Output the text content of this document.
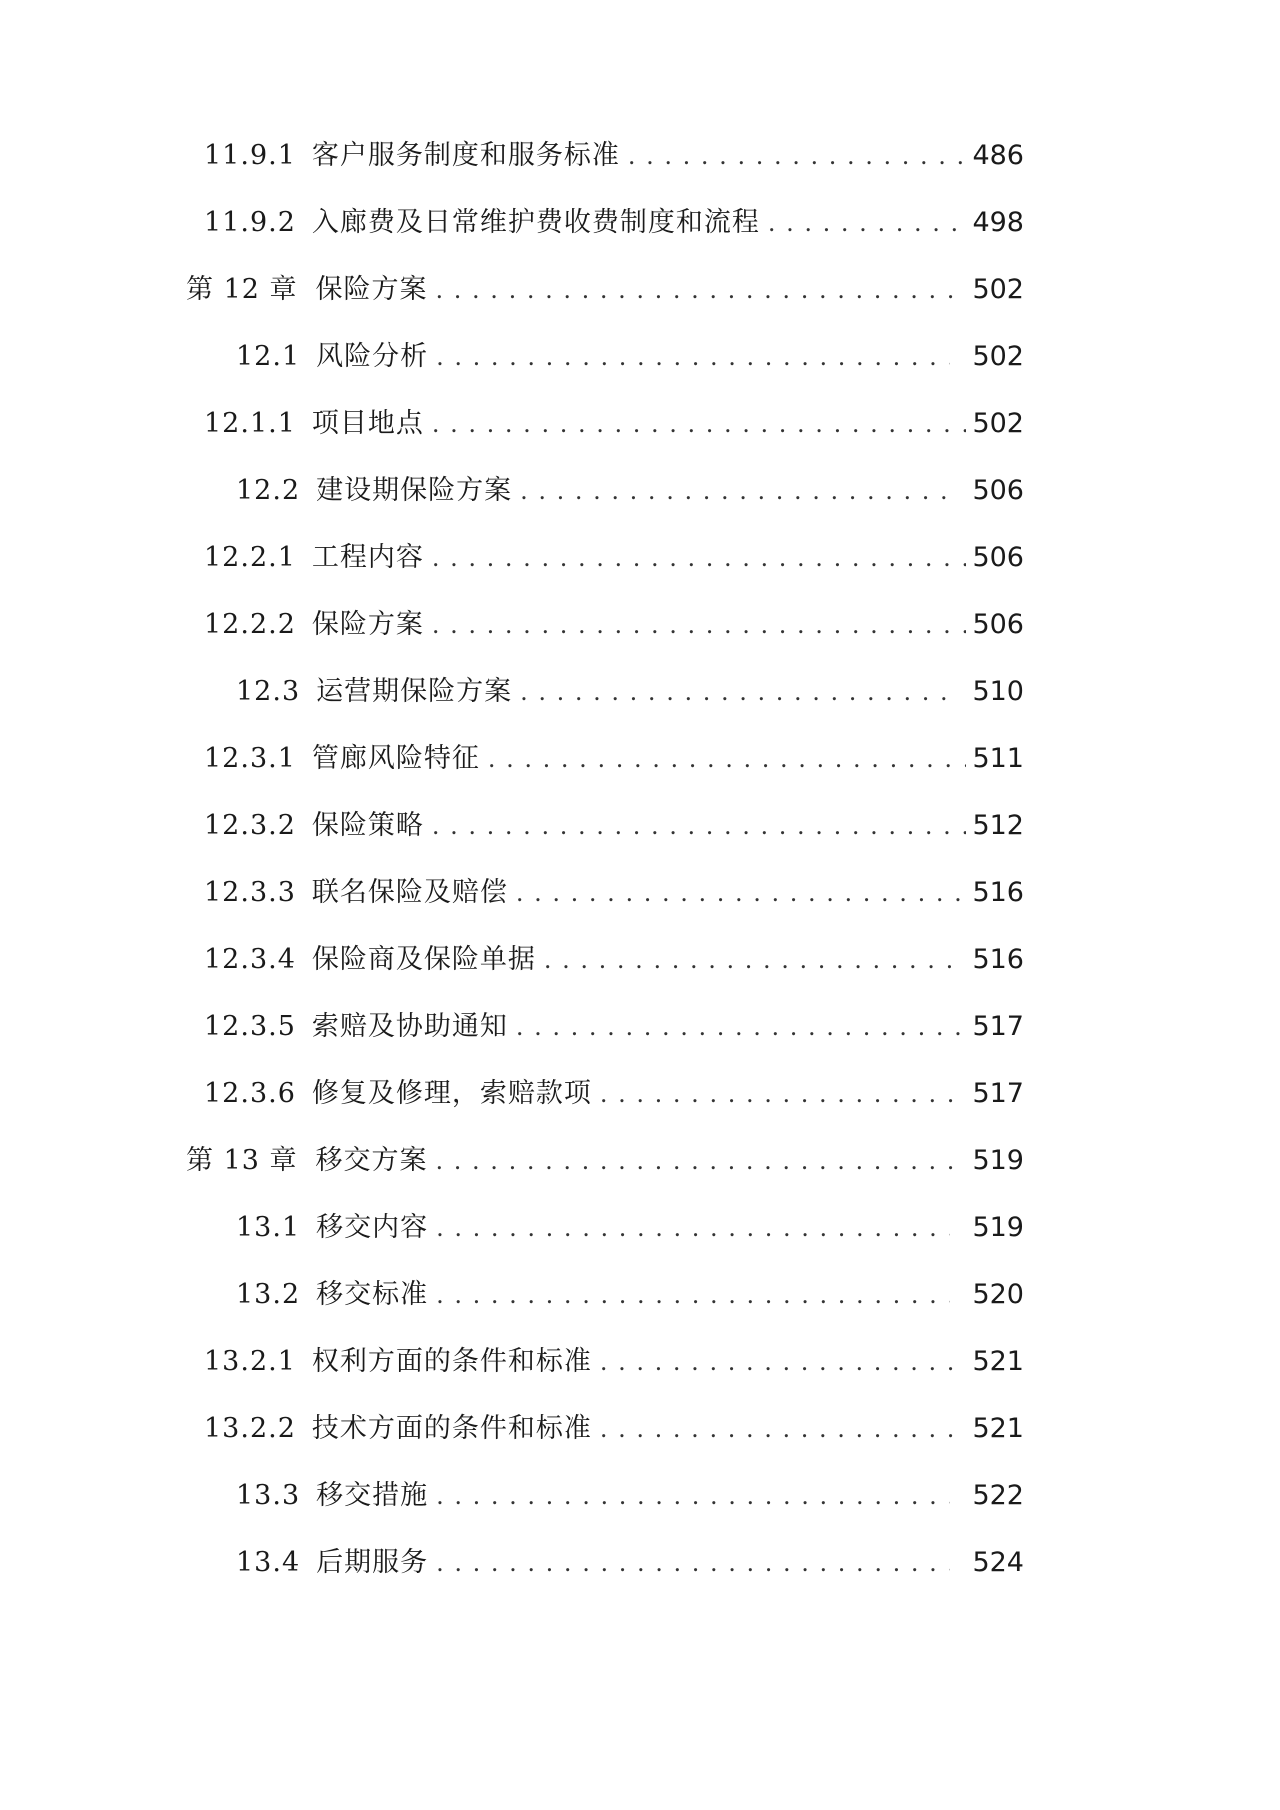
11.9.1 客户服务制度和服务标准 . . .	486
11.9.2 入廊费及日常维护费收费制度和流程 . . .	498
第 12 章 保险方案 . . .	502
12.1 风险分析 . . .	502
12.1.1 项目地点 . . .	502
12.2 建设期保险方案 . . .	506
12.2.1 工程内容 . . .	506
12.2.2 保险方案 . . .	506
12.3 运营期保险方案 . . .	510
12.3.1 管廊风险特征 . . .	511
12.3.2 保险策略 . . .	512
12.3.3 联名保险及赔偿 . . .	516
12.3.4 保险商及保险单据 . . .	516
12.3.5 索赔及协助通知 . . .	517
12.3.6 修复及修理，索赔款项 . . .	517
第 13 章 移交方案 . . .	519
13.1 移交内容 . . .	519
13.2 移交标准 . . .	520
13.2.1 权利方面的条件和标准 . . .	521
13.2.2 技术方面的条件和标准 . . .	521
13.3 移交措施 . . .	522
13.4 后期服务 . . .	524
